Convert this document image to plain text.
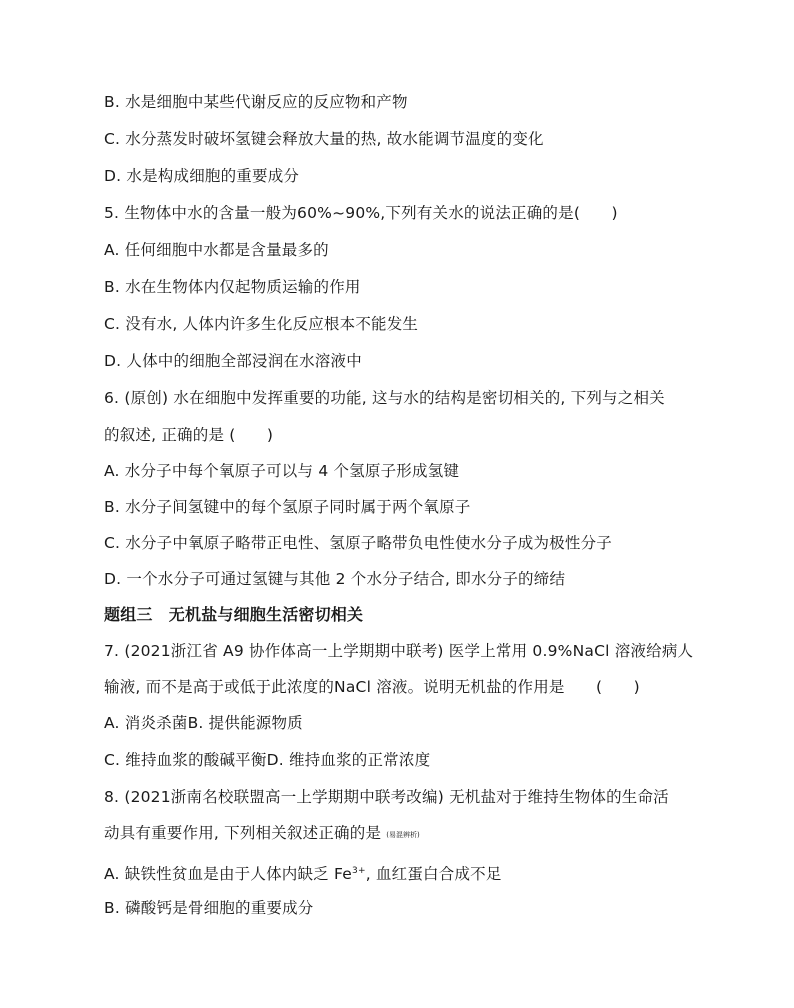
B. 水是细胞中某些代谢反应的反应物和产物
C. 水分蒸发时破坏氢键会释放大量的热, 故水能调节温度的变化
D. 水是构成细胞的重要成分
5. 生物体中水的含量一般为60%~90%,下列有关水的说法正确的是(　　)
A. 任何细胞中水都是含量最多的
B. 水在生物体内仅起物质运输的作用
C. 没有水, 人体内许多生化反应根本不能发生
D. 人体中的细胞全部浸润在水溶液中
6. (原创) 水在细胞中发挥重要的功能, 这与水的结构是密切相关的, 下列与之相关
的叙述, 正确的是 (　　)
A. 水分子中每个氧原子可以与 4 个氢原子形成氢键
B. 水分子间氢键中的每个氢原子同时属于两个氧原子
C. 水分子中氧原子略带正电性、氢原子略带负电性使水分子成为极性分子
D. 一个水分子可通过氢键与其他 2 个水分子结合, 即水分子的缔结
题组三　无机盐与细胞生活密切相关
7. (2021浙江省 A9 协作体高一上学期期中联考) 医学上常用 0.9%NaCl 溶液给病人
输液, 而不是高于或低于此浓度的NaCl 溶液。说明无机盐的作用是　　(　　)
A. 消炎杀菌B. 提供能源物质
C. 维持血浆的酸碱平衡D. 维持血浆的正常浓度
8. (2021浙南名校联盟高一上学期期中联考改编) 无机盐对于维持生物体的生命活
动具有重要作用, 下列相关叙述正确的是 (易混辨析)
A. 缺铁性贫血是由于人体内缺乏 $Fe^{3+}$, 血红蛋白合成不足
B. 磷酸钙是骨细胞的重要成分
